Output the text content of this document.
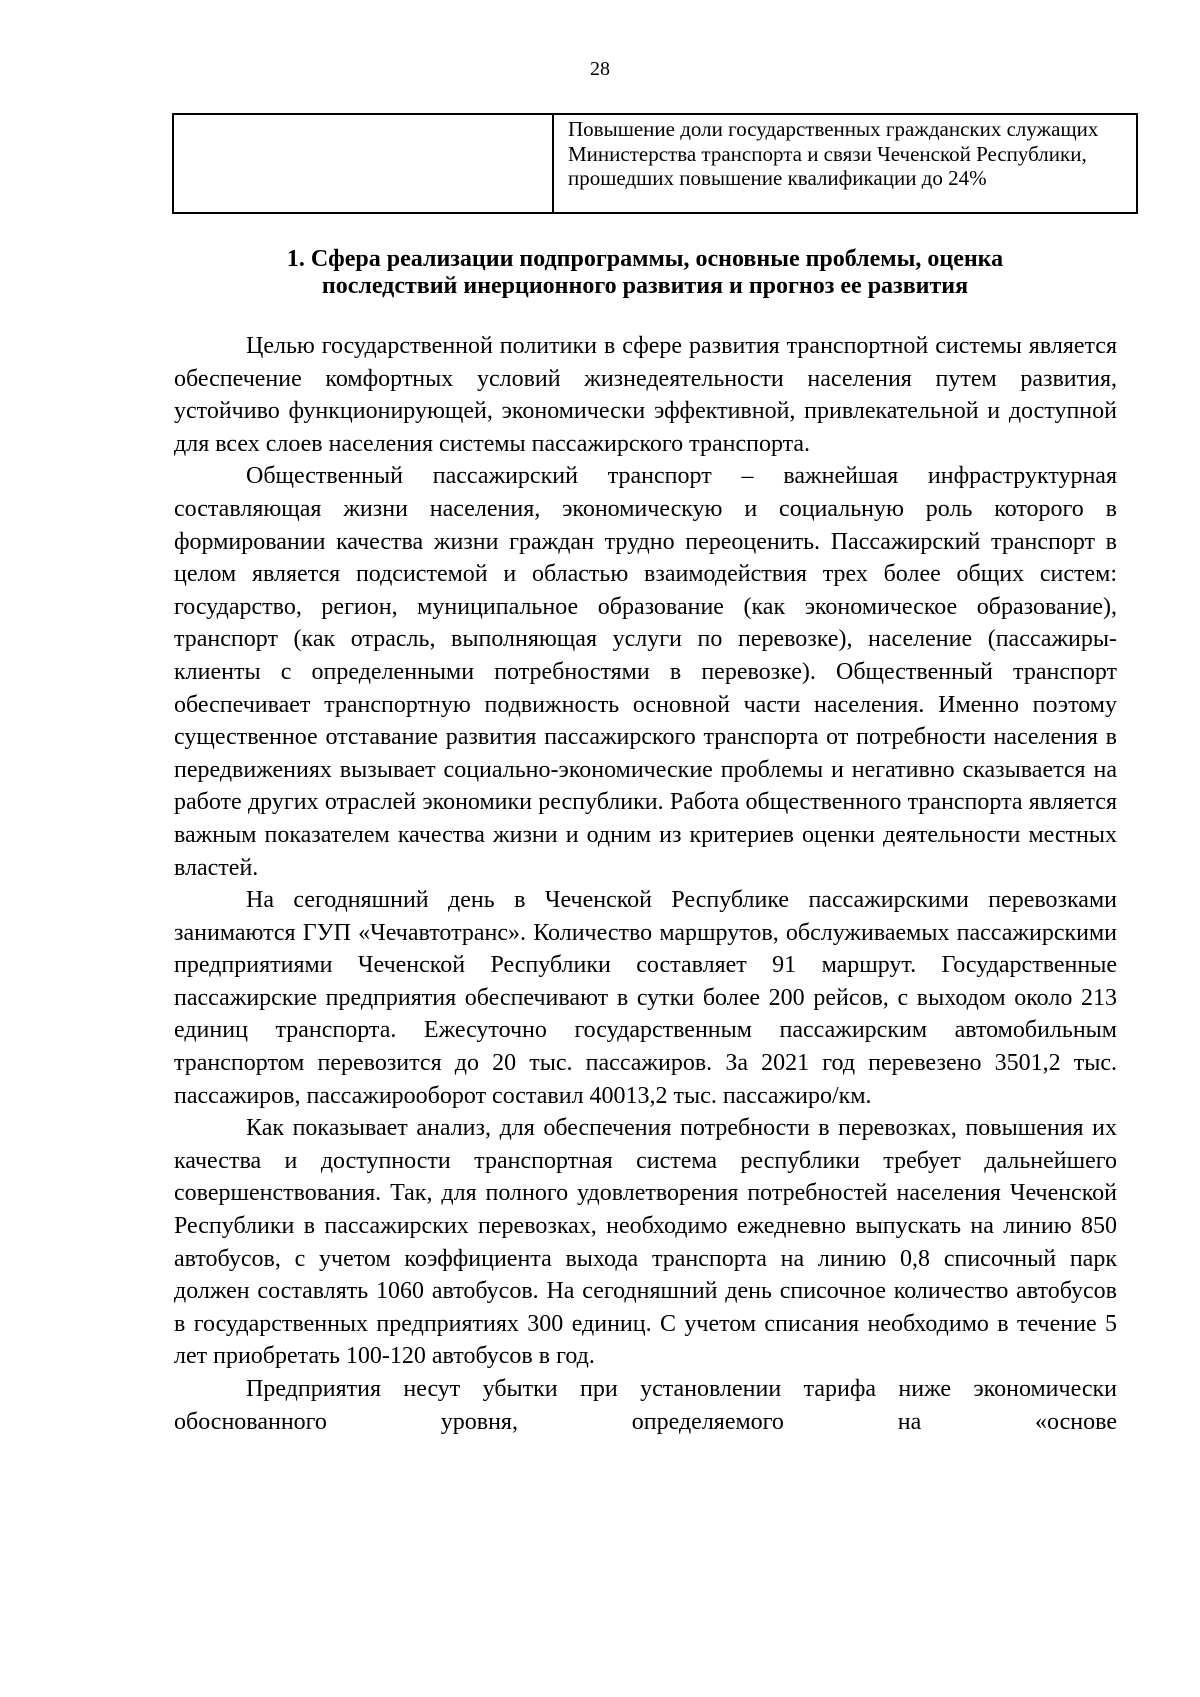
28

Повышение доли государственных гражданских служащих Министерства транспорта и связи Чеченской Республики, прошедших повышение квалификации до 24%
1. Сфера реализации подпрограммы, основные проблемы, оценка
последствий инерционного развития и прогноз ее развития

Целью государственной политики в сфере развития транспортной системы является обеспечение комфортных условий жизнедеятельности населения путем развития, устойчиво функционирующей, экономически эффективной, привлекательной и доступной для всех слоев населения системы пассажирского транспорта.

Общественный пассажирский транспорт – важнейшая инфраструктурная составляющая жизни населения, экономическую и социальную роль которого в формировании качества жизни граждан трудно переоценить. Пассажирский транспорт в целом является подсистемой и областью взаимодействия трех более общих систем: государство, регион, муниципальное образование (как экономическое образование), транспорт (как отрасль, выполняющая услуги по перевозке), население (пассажиры-клиенты с определенными потребностями в перевозке). Общественный транспорт обеспечивает транспортную подвижность основной части населения. Именно поэтому существенное отставание развития пассажирского транспорта от потребности населения в передвижениях вызывает социально-экономические проблемы и негативно сказывается на работе других отраслей экономики республики. Работа общественного транспорта является важным показателем качества жизни и одним из критериев оценки деятельности местных властей.

На сегодняшний день в Чеченской Республике пассажирскими перевозками занимаются ГУП «Чечавтотранс». Количество маршрутов, обслуживаемых пассажирскими предприятиями Чеченской Республики составляет 91 маршрут. Государственные пассажирские предприятия обеспечивают в сутки более 200 рейсов, с выходом около 213 единиц транспорта. Ежесуточно государственным пассажирским автомобильным транспортом перевозится до 20 тыс. пассажиров. За 2021 год перевезено 3501,2 тыс. пассажиров, пассажирооборот составил 40013,2 тыс. пассажиро/км.

Как показывает анализ, для обеспечения потребности в перевозках, повышения их качества и доступности транспортная система республики требует дальнейшего совершенствования. Так, для полного удовлетворения потребностей населения Чеченской Республики в пассажирских перевозках, необходимо ежедневно выпускать на линию 850 автобусов, с учетом коэффициента выхода транспорта на линию 0,8 списочный парк должен составлять 1060 автобусов. На сегодняшний день списочное количество автобусов в государственных предприятиях 300 единиц. С учетом списания необходимо в течение 5 лет приобретать 100-120 автобусов в год.

Предприятия несут убытки при установлении тарифа ниже экономически обоснованного уровня, определяемого на «основе
